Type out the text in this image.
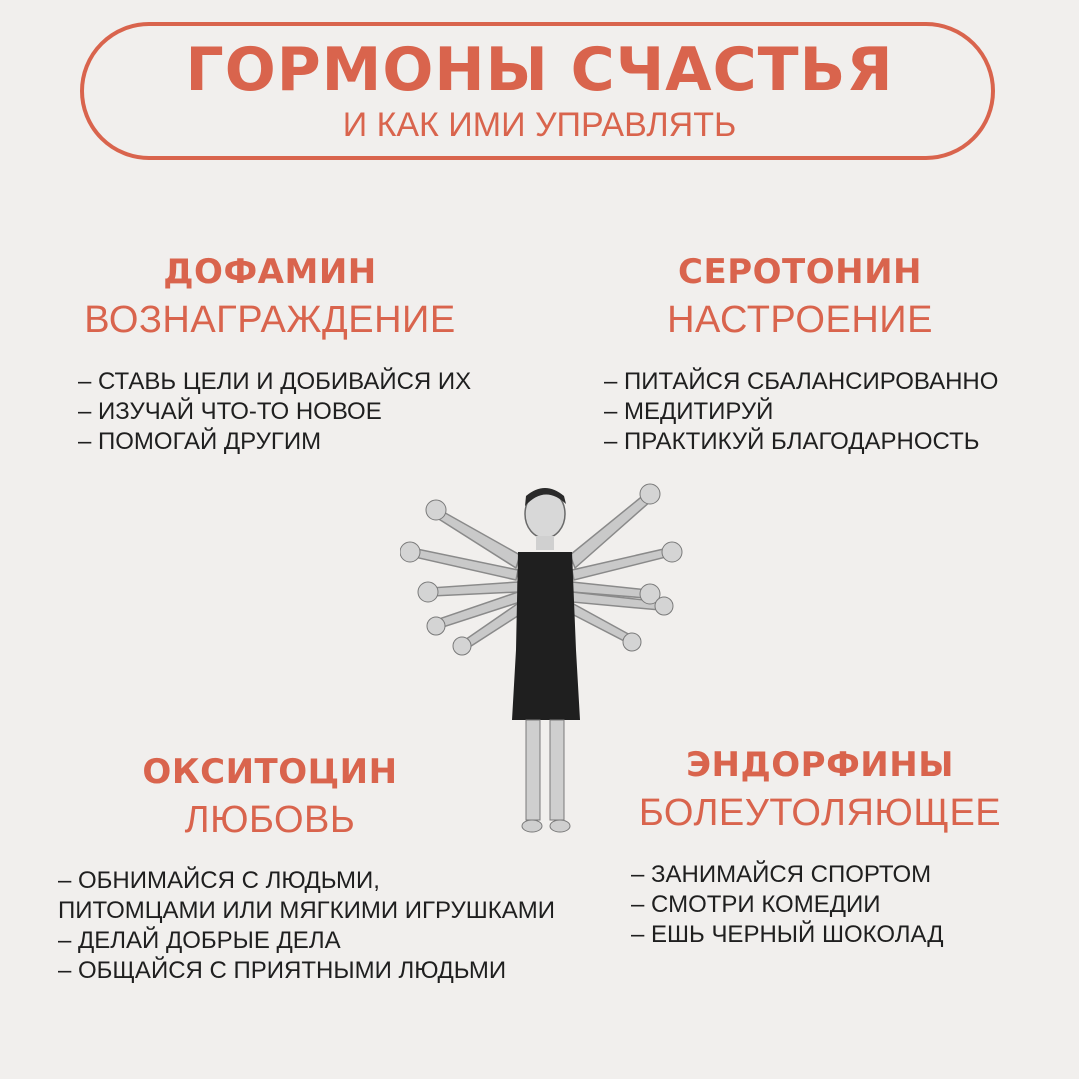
ГОРМОНЫ СЧАСТЬЯ
И КАК ИМИ УПРАВЛЯТЬ
ДОФАМИН
ВОЗНАГРАЖДЕНИЕ
– СТАВЬ ЦЕЛИ И ДОБИВАЙСЯ ИХ
– ИЗУЧАЙ ЧТО-ТО НОВОЕ
– ПОМОГАЙ ДРУГИМ
СЕРОТОНИН
НАСТРОЕНИЕ
– ПИТАЙСЯ СБАЛАНСИРОВАННО
– МЕДИТИРУЙ
– ПРАКТИКУЙ БЛАГОДАРНОСТЬ
ОКСИТОЦИН
ЛЮБОВЬ
– ОБНИМАЙСЯ С ЛЮДЬМИ,
ПИТОМЦАМИ ИЛИ МЯГКИМИ ИГРУШКАМИ
– ДЕЛАЙ ДОБРЫЕ ДЕЛА
– ОБЩАЙСЯ С ПРИЯТНЫМИ ЛЮДЬМИ
ЭНДОРФИНЫ
БОЛЕУТОЛЯЮЩЕЕ
– ЗАНИМАЙСЯ СПОРТОМ
– СМОТРИ КОМЕДИИ
– ЕШЬ ЧЕРНЫЙ ШОКОЛАД
